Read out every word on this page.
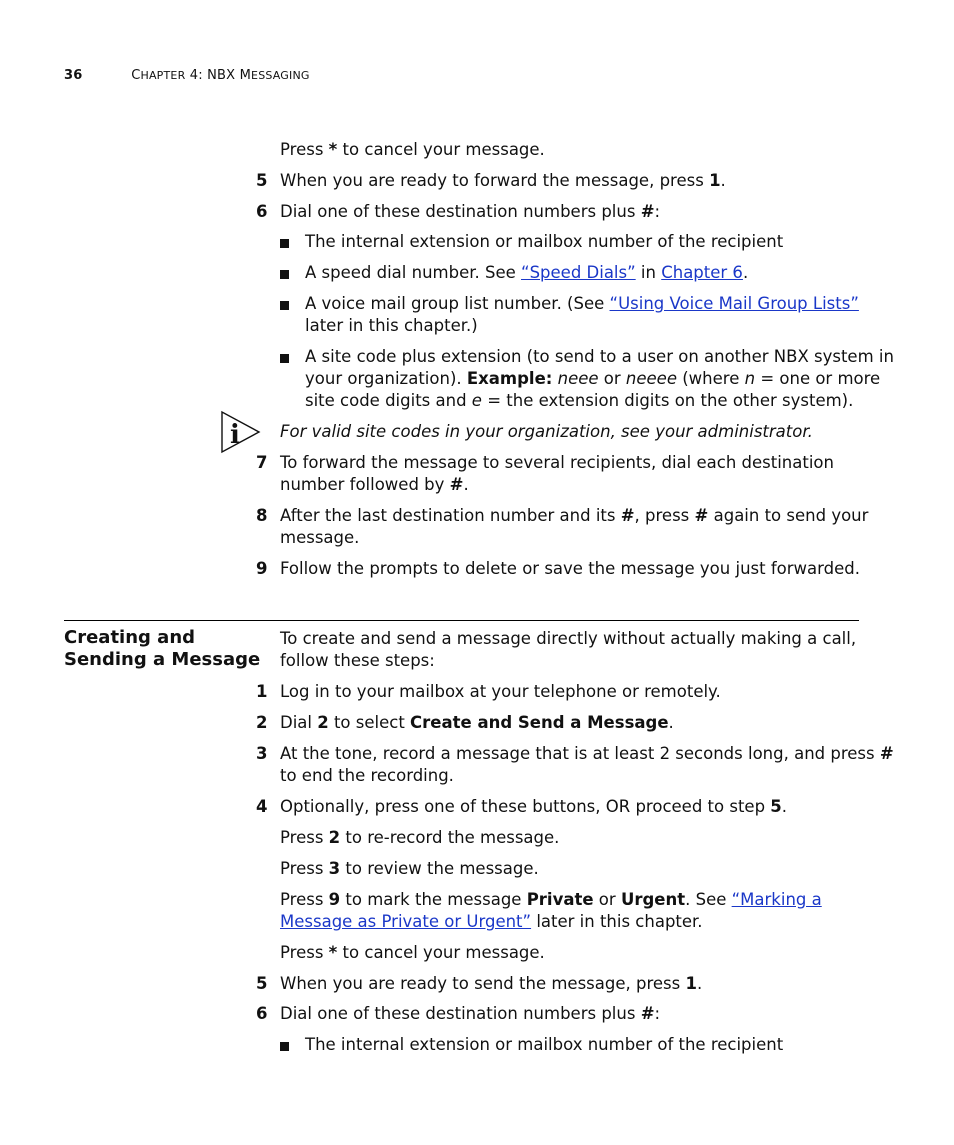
36	CHAPTER 4: NBX MESSAGING
Press * to cancel your message.
5 When you are ready to forward the message, press 1.
6 Dial one of these destination numbers plus #:
The internal extension or mailbox number of the recipient
A speed dial number. See “Speed Dials” in Chapter 6.
A voice mail group list number. (See “Using Voice Mail Group Lists”
later in this chapter.)
A site code plus extension (to send to a user on another NBX system in
your organization). Example: neee or neeee (where n = one or more
site code digits and e = the extension digits on the other system).
i For valid site codes in your organization, see your administrator.
7 To forward the message to several recipients, dial each destination
number followed by #.
8 After the last destination number and its #, press # again to send your
message.
9 Follow the prompts to delete or save the message you just forwarded.
Creating and
Sending a Message
To create and send a message directly without actually making a call,
follow these steps:
1 Log in to your mailbox at your telephone or remotely.
2 Dial 2 to select Create and Send a Message.
3 At the tone, record a message that is at least 2 seconds long, and press #
to end the recording.
4 Optionally, press one of these buttons, OR proceed to step 5.
Press 2 to re-record the message.
Press 3 to review the message.
Press 9 to mark the message Private or Urgent. See “Marking a
Message as Private or Urgent” later in this chapter.
Press * to cancel your message.
5 When you are ready to send the message, press 1.
6 Dial one of these destination numbers plus #:
The internal extension or mailbox number of the recipient
